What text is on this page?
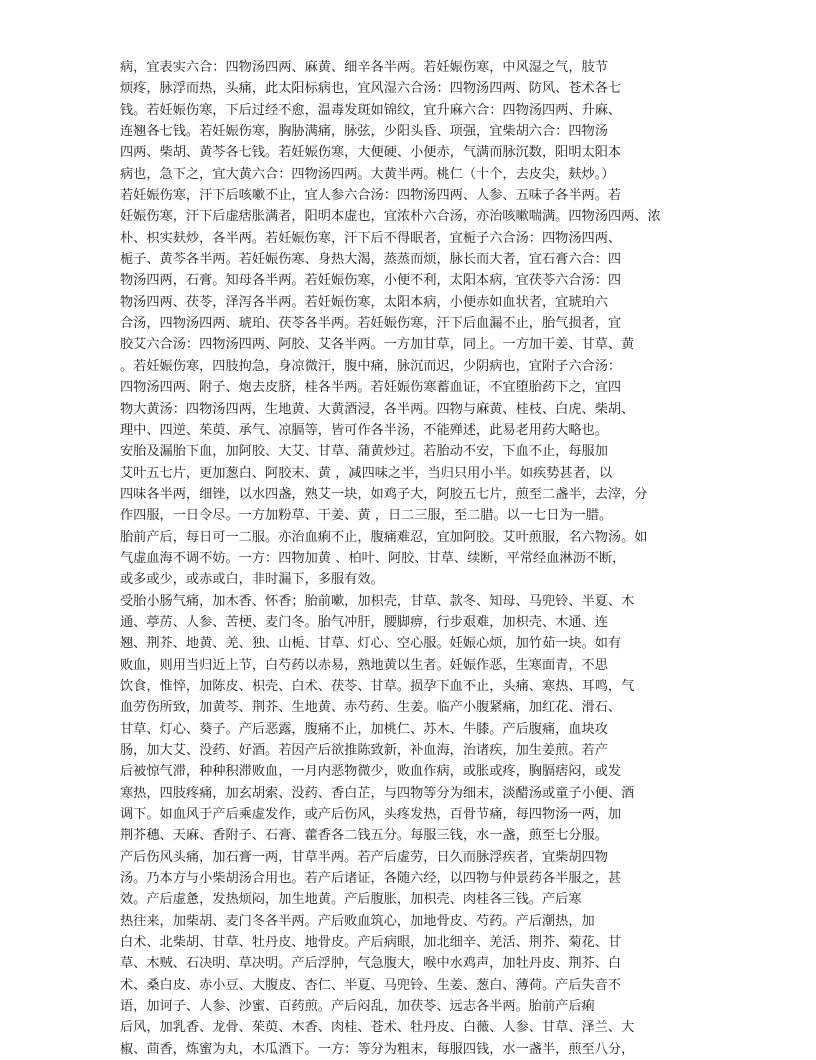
病，宜表实六合：四物汤四两、麻黄、细辛各半两。若妊娠伤寒，中风湿之气，肢节
烦疼，脉浮而热，头痛，此太阳标病也，宜风湿六合汤：四物汤四两、防风、苍术各七
钱。若妊娠伤寒，下后过经不愈，温毒发斑如锦纹，宜升麻六合：四物汤四两、升麻、
连翘各七钱。若妊娠伤寒，胸胁满痛，脉弦，少阳头昏、项强，宜柴胡六合：四物汤
四两、柴胡、黄芩各七钱。若妊娠伤寒，大便硬、小便赤，气满而脉沉数，阳明太阳本
病也，急下之，宜大黄六合：四物汤四两。大黄半两。桃仁（十个，去皮尖，麸炒。）
若妊娠伤寒，汗下后咳嗽不止，宜人参六合汤：四物汤四两、人参、五味子各半两。若
妊娠伤寒，汗下后虚痞胀满者，阳明本虚也，宜浓朴六合汤，亦治咳嗽喘满。四物汤四两、浓
朴、枳实麸炒，各半两。若妊娠伤寒，汗下后不得眠者，宜栀子六合汤：四物汤四两、
栀子、黄芩各半两。若妊娠伤寒、身热大渴，蒸蒸而烦，脉长而大者，宜石膏六合：四
物汤四两，石膏。知母各半两。若妊娠伤寒，小便不利，太阳本病，宜茯苓六合汤：四
物汤四两、茯苓，泽泻各半两。若妊娠伤寒，太阳本病，小便赤如血状者，宜琥珀六
合汤，四物汤四两、琥珀、茯苓各半两。若妊娠伤寒，汗下后血漏不止，胎气损者，宜
胶艾六合汤：四物汤四两、阿胶、艾各半两。一方加甘草，同上。一方加干姜、甘草、黄
。若妊娠伤寒，四肢拘急，身凉微汗，腹中痛，脉沉而迟，少阴病也，宜附子六合汤：
四物汤四两、附子、炮去皮脐，桂各半两。若妊娠伤寒蓄血证，不宜堕胎药下之，宜四
物大黄汤：四物汤四两，生地黄、大黄酒浸，各半两。四物与麻黄、桂枝、白虎、柴胡、
理中、四逆、茱萸、承气、凉膈等，皆可作各半汤，不能殚述，此易老用药大略也。
安胎及漏胎下血，加阿胶、大艾、甘草、蒲黄炒过。若胎动不安，下血不止，每服加
艾叶五七片，更加葱白、阿胶末、黄 ，减四味之半，当归只用小半。如疾势甚者，以
四味各半两，细锉，以水四盏，熟艾一块，如鸡子大，阿胶五七片，煎至二盏半，去滓，分
作四服，一日令尽。一方加粉草、干姜、黄 ，日二三服，至二腊。以一七日为一腊。
胎前产后，每日可一二服。亦治血痢不止，腹痛难忍，宜加阿胶。艾叶煎服，名六物汤。如
气虚血海不调不妨。一方：四物加黄 、柏叶、阿胶、甘草、续断，平常经血淋沥不断，
或多或少，或赤或白，非时漏下，多服有效。
受胎小肠气痛，加木香、怀香；胎前嗽，加枳壳，甘草、款冬、知母、马兜铃、半夏、木
通、葶苈、人参、苦梗、麦门冬。胎气冲肝，腰脚痹，行步艰难，加枳壳、木通、连
翘、荆芥、地黄、羌、独、山栀、甘草、灯心、空心服。妊娠心烦，加竹茹一块。如有
败血，则用当归近上节，白芍药以赤易，熟地黄以生者。妊娠作恶，生寒面青，不思
饮食，惟悴，加陈皮、枳壳、白术、茯苓、甘草。损孕下血不止，头痛、寒热、耳鸣，气
血劳伤所致，加黄芩、荆芥、生地黄、赤芍药、生姜。临产小腹紧痛，加红花、滑石、
甘草、灯心、葵子。产后恶露，腹痛不止，加桃仁、苏木、牛膝。产后腹痛，血块攻
肠，加大艾、没药、好酒。若因产后欲推陈致新，补血海，治诸疾，加生姜煎。若产
后被惊气滞，种种积滞败血，一月内恶物微少，败血作病，或胀或疼，胸膈痞闷，或发
寒热，四肢疼痛，加玄胡索、没药、香白芷，与四物等分为细末，淡醋汤或童子小便、酒
调下。如血风于产后乘虚发作，或产后伤风，头疼发热，百骨节痛，每四物汤一两，加
荆芥穗、天麻、香附子、石膏、藿香各二钱五分。每服三钱，水一盏，煎至七分服。
产后伤风头痛，加石膏一两，甘草半两。若产后虚劳，日久而脉浮疾者，宜柴胡四物
汤。乃本方与小柴胡汤合用也。若产后诸证，各随六经，以四物与仲景药各半服之，甚
效。产后虚惫，发热烦闷，加生地黄。产后腹胀，加枳壳、肉桂各三钱。产后寒
热往来，加柴胡、麦门冬各半两。产后败血筑心，加地骨皮、芍药。产后潮热，加
白术、北柴胡、甘草、牡丹皮、地骨皮。产后病眼，加北细辛、羌活、荆芥、菊花、甘
草、木贼、石决明、草决明。产后浮肿，气急腹大，喉中水鸡声，加牡丹皮、荆芥、白
术、桑白皮、赤小豆、大腹皮、杏仁、半夏、马兜铃、生姜、葱白、薄荷。产后失音不
语，加诃子、人参、沙蜜、百药煎。产后闷乱，加茯苓、远志各半两。胎前产后痢
后风，加乳香、龙骨、茱萸、木香、肉桂、苍术、牡丹皮、白薇、人参、甘草、泽兰、大
椒、茴香，炼蜜为丸，木瓜酒下。一方：等分为粗末，每服四钱，水一盏半，煎至八分，
